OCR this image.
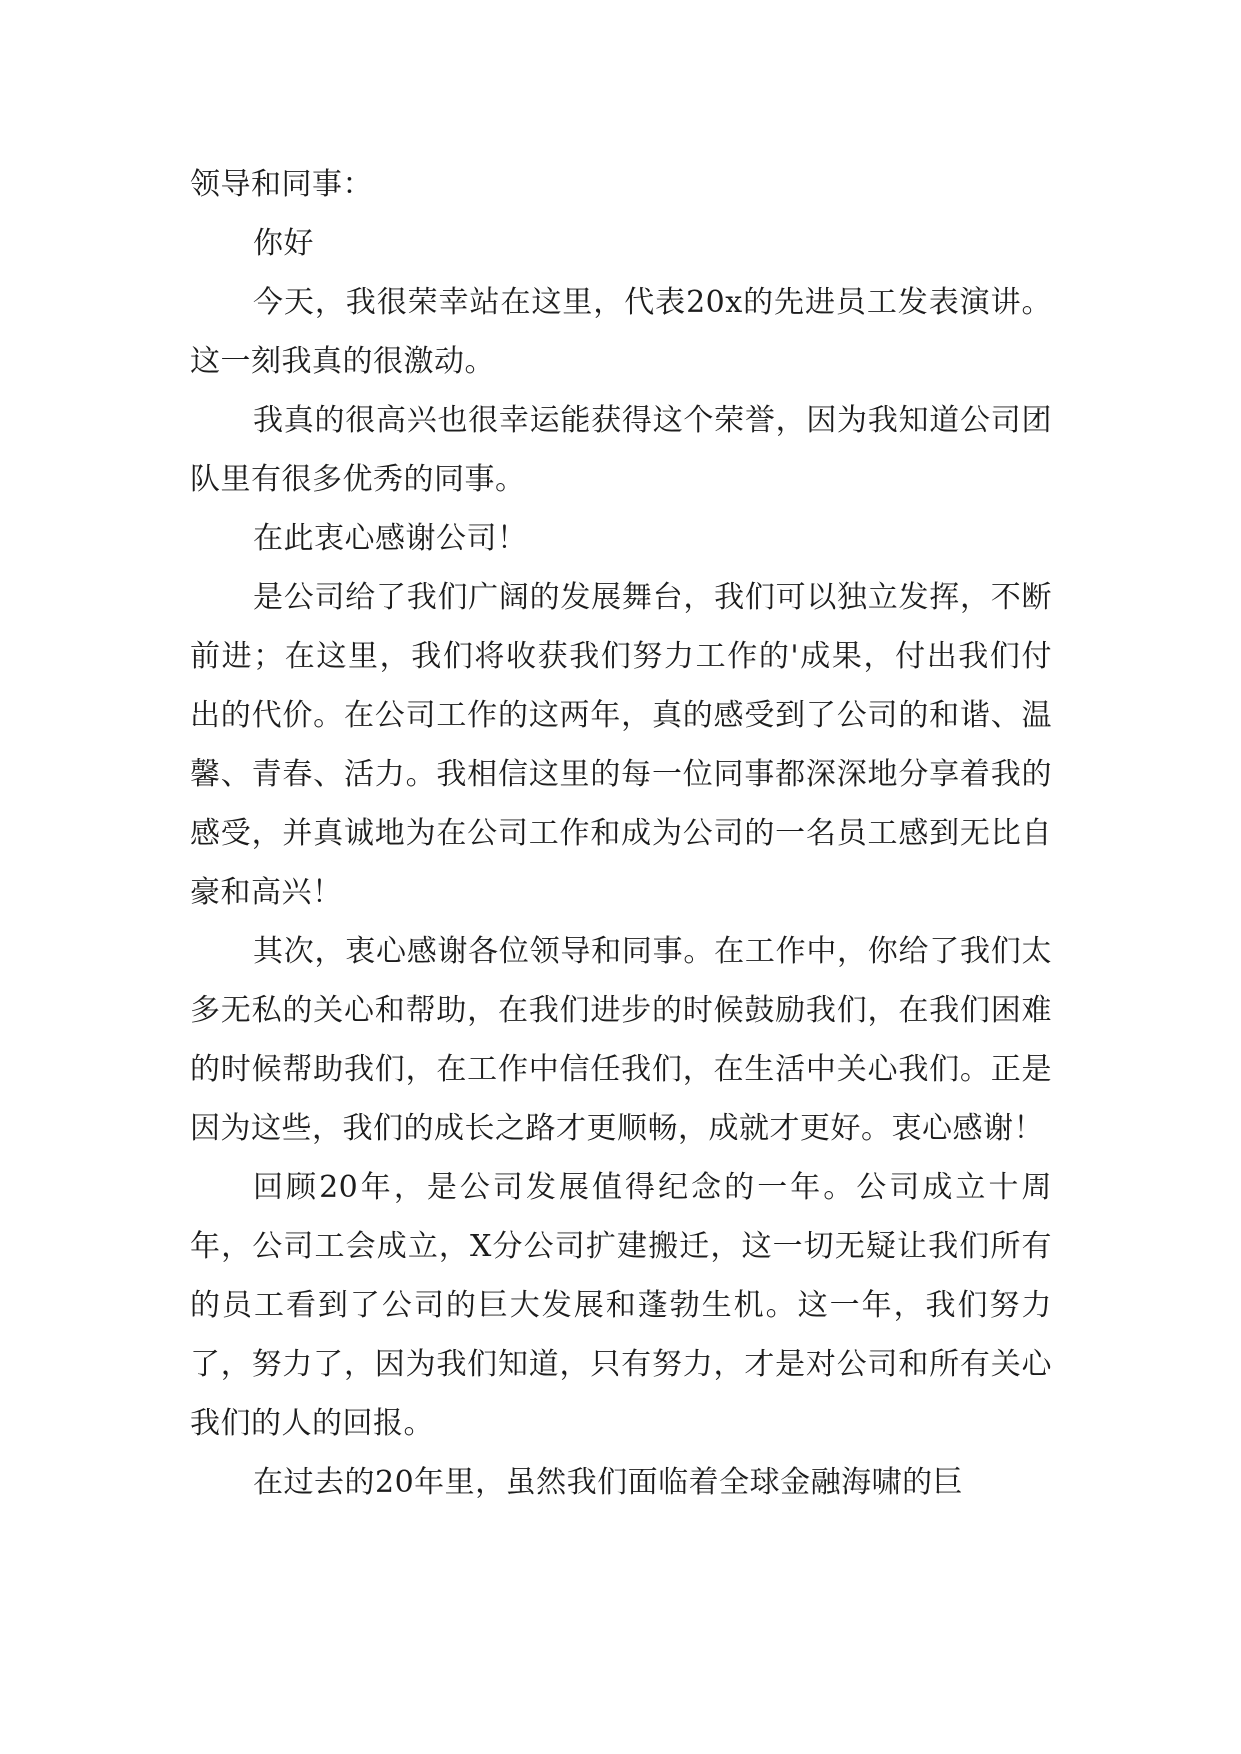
领导和同事：

你好

今天，我很荣幸站在这里，代表20x的先进员工发表演讲。这一刻我真的很激动。

我真的很高兴也很幸运能获得这个荣誉，因为我知道公司团队里有很多优秀的同事。

在此衷心感谢公司！

是公司给了我们广阔的发展舞台，我们可以独立发挥，不断前进；在这里，我们将收获我们努力工作的'成果，付出我们付出的代价。在公司工作的这两年，真的感受到了公司的和谐、温馨、青春、活力。我相信这里的每一位同事都深深地分享着我的感受，并真诚地为在公司工作和成为公司的一名员工感到无比自豪和高兴！

其次，衷心感谢各位领导和同事。在工作中，你给了我们太多无私的关心和帮助，在我们进步的时候鼓励我们，在我们困难的时候帮助我们，在工作中信任我们，在生活中关心我们。正是因为这些，我们的成长之路才更顺畅，成就才更好。衷心感谢！

回顾20年，是公司发展值得纪念的一年。公司成立十周年，公司工会成立，X分公司扩建搬迁，这一切无疑让我们所有的员工看到了公司的巨大发展和蓬勃生机。这一年，我们努力了，努力了，因为我们知道，只有努力，才是对公司和所有关心我们的人的回报。

在过去的20年里，虽然我们面临着全球金融海啸的巨
